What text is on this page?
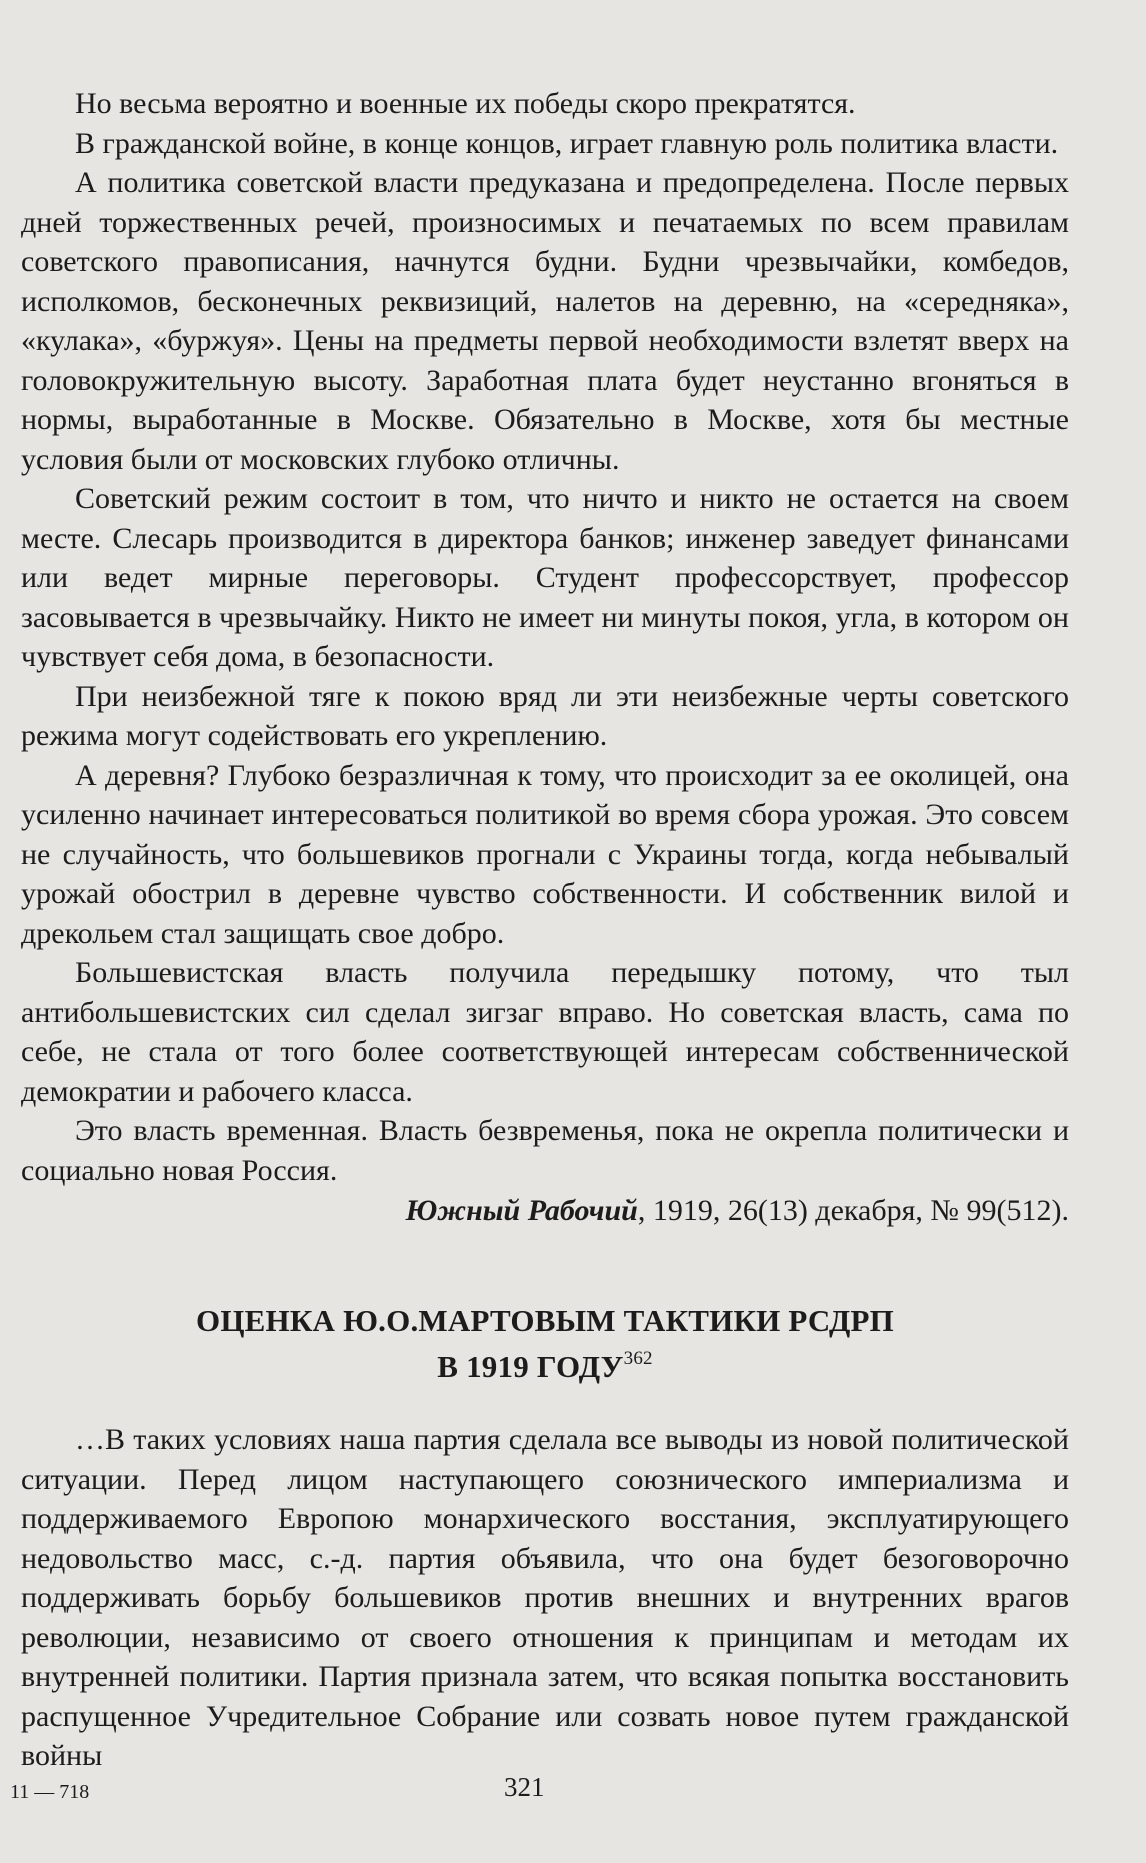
Но весьма вероятно и военные их победы скоро прекратятся.

В гражданской войне, в конце концов, играет главную роль политика власти.

А политика советской власти предуказана и предопределена. После первых дней торжественных речей, произносимых и печатаемых по всем правилам советского правописания, начнутся будни. Будни чрезвычайки, комбедов, исполкомов, бесконечных реквизиций, налетов на деревню, на «середняка», «кулака», «буржуя». Цены на предметы первой необходимости взлетят вверх на головокружительную высоту. Заработная плата будет неустанно вгоняться в нормы, выработанные в Москве. Обязательно в Москве, хотя бы местные условия были от московских глубоко отличны.

Советский режим состоит в том, что ничто и никто не остается на своем месте. Слесарь производится в директора банков; инженер заведует финансами или ведет мирные переговоры. Студент профессорствует, профессор засовывается в чрезвычайку. Никто не имеет ни минуты покоя, угла, в котором он чувствует себя дома, в безопасности.

При неизбежной тяге к покою вряд ли эти неизбежные черты советского режима могут содействовать его укреплению.

А деревня? Глубоко безразличная к тому, что происходит за ее околицей, она усиленно начинает интересоваться политикой во время сбора урожая. Это совсем не случайность, что большевиков прогнали с Украины тогда, когда небывалый урожай обострил в деревне чувство собственности. И собственник вилой и дрекольем стал защищать свое добро.

Большевистская власть получила передышку потому, что тыл антибольшевистских сил сделал зигзаг вправо. Но советская власть, сама по себе, не стала от того более соответствующей интересам собственнической демократии и рабочего класса.

Это власть временная. Власть безвременья, пока не окрепла политически и социально новая Россия.

Южный Рабочий, 1919, 26(13) декабря, № 99(512).
ОЦЕНКА Ю.О.МАРТОВЫМ ТАКТИКИ РСДРП
В 1919 ГОДУ$^{362}$

…В таких условиях наша партия сделала все выводы из новой политической ситуации. Перед лицом наступающего союзнического империализма и поддерживаемого Европою монархического восстания, эксплуатирующего недовольство масс, с.-д. партия объявила, что она будет безоговорочно поддерживать борьбу большевиков против внешних и внутренних врагов революции, независимо от своего отношения к принципам и методам их внутренней политики. Партия признала затем, что всякая попытка восстановить распущенное Учредительное Собрание или созвать новое путем гражданской войны

11 — 718	321
